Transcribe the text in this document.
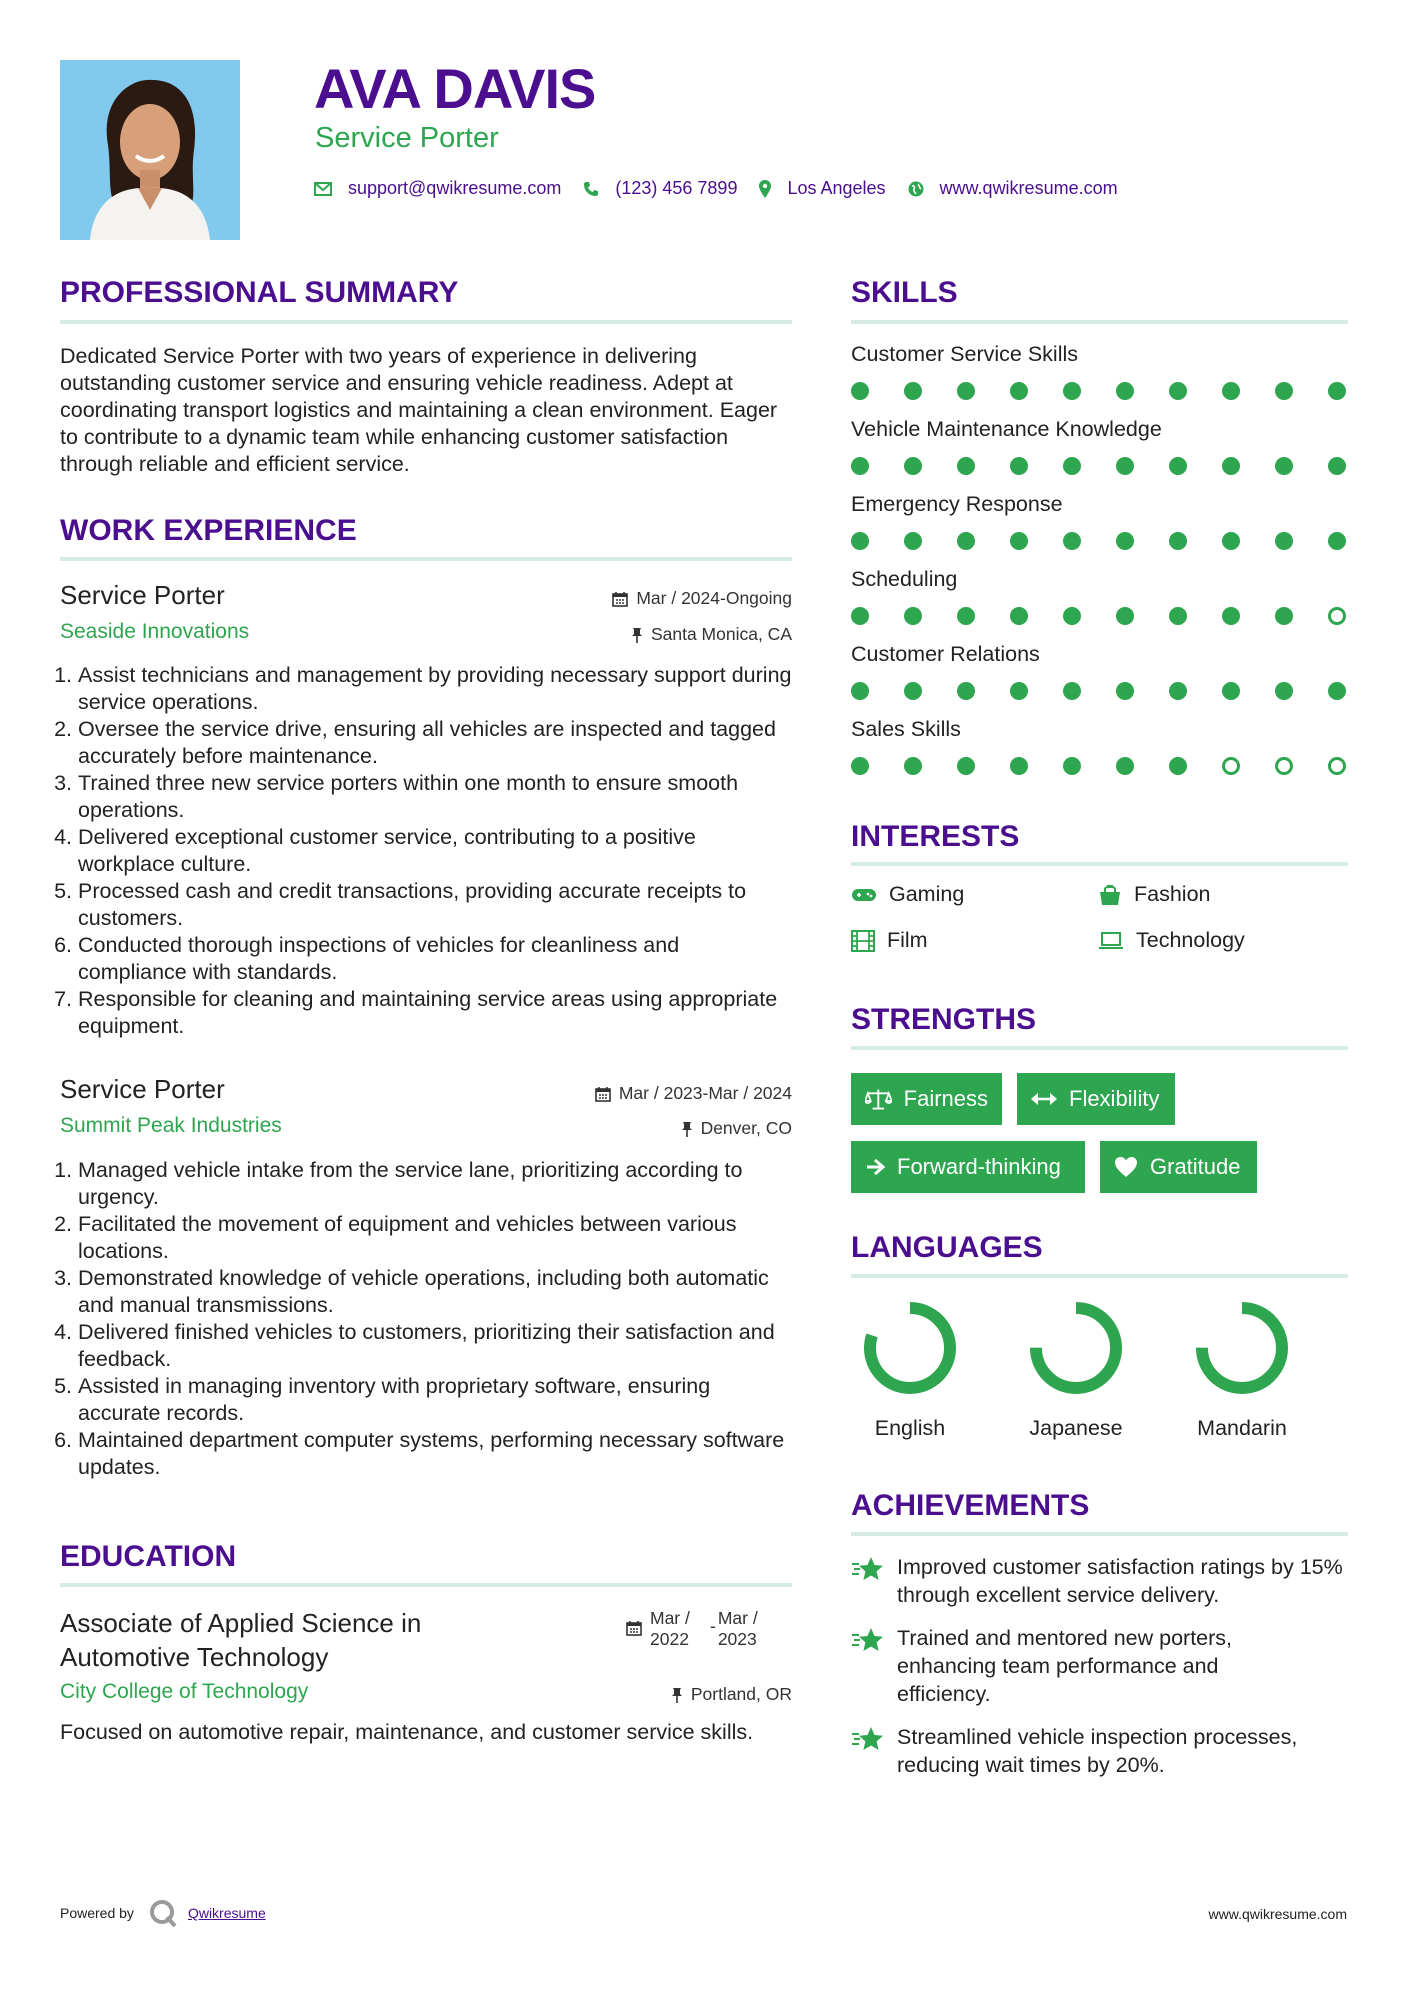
AVA DAVIS
Service Porter
support@qwikresume.com	(123) 456 7899	Los Angeles	www.qwikresume.com
PROFESSIONAL SUMMARY
Dedicated Service Porter with two years of experience in delivering outstanding customer service and ensuring vehicle readiness. Adept at coordinating transport logistics and maintaining a clean environment. Eager to contribute to a dynamic team while enhancing customer satisfaction through reliable and efficient service.
WORK EXPERIENCE
Service Porter
Seaside Innovations
Mar / 2024-Ongoing
Santa Monica, CA
1. Assist technicians and management by providing necessary support during service operations.
2. Oversee the service drive, ensuring all vehicles are inspected and tagged accurately before maintenance.
3. Trained three new service porters within one month to ensure smooth operations.
4. Delivered exceptional customer service, contributing to a positive workplace culture.
5. Processed cash and credit transactions, providing accurate receipts to customers.
6. Conducted thorough inspections of vehicles for cleanliness and compliance with standards.
7. Responsible for cleaning and maintaining service areas using appropriate equipment.
Service Porter
Summit Peak Industries
Mar / 2023-Mar / 2024
Denver, CO
1. Managed vehicle intake from the service lane, prioritizing according to urgency.
2. Facilitated the movement of equipment and vehicles between various locations.
3. Demonstrated knowledge of vehicle operations, including both automatic and manual transmissions.
4. Delivered finished vehicles to customers, prioritizing their satisfaction and feedback.
5. Assisted in managing inventory with proprietary software, ensuring accurate records.
6. Maintained department computer systems, performing necessary software updates.
EDUCATION
Associate of Applied Science in Automotive Technology
City College of Technology
Mar / 2022
- Mar / 2023
Portland, OR
Focused on automotive repair, maintenance, and customer service skills.
SKILLS
Customer Service Skills
Vehicle Maintenance Knowledge
Emergency Response
Scheduling
Customer Relations
Sales Skills
INTERESTS
Gaming	Fashion
Film	Technology
STRENGTHS
Fairness	Flexibility
Forward-thinking	Gratitude
LANGUAGES
English	Japanese	Mandarin
ACHIEVEMENTS
Improved customer satisfaction ratings by 15% through excellent service delivery.
Trained and mentored new porters, enhancing team performance and efficiency.
Streamlined vehicle inspection processes, reducing wait times by 20%.
Powered by	Qwikresume	www.qwikresume.com
